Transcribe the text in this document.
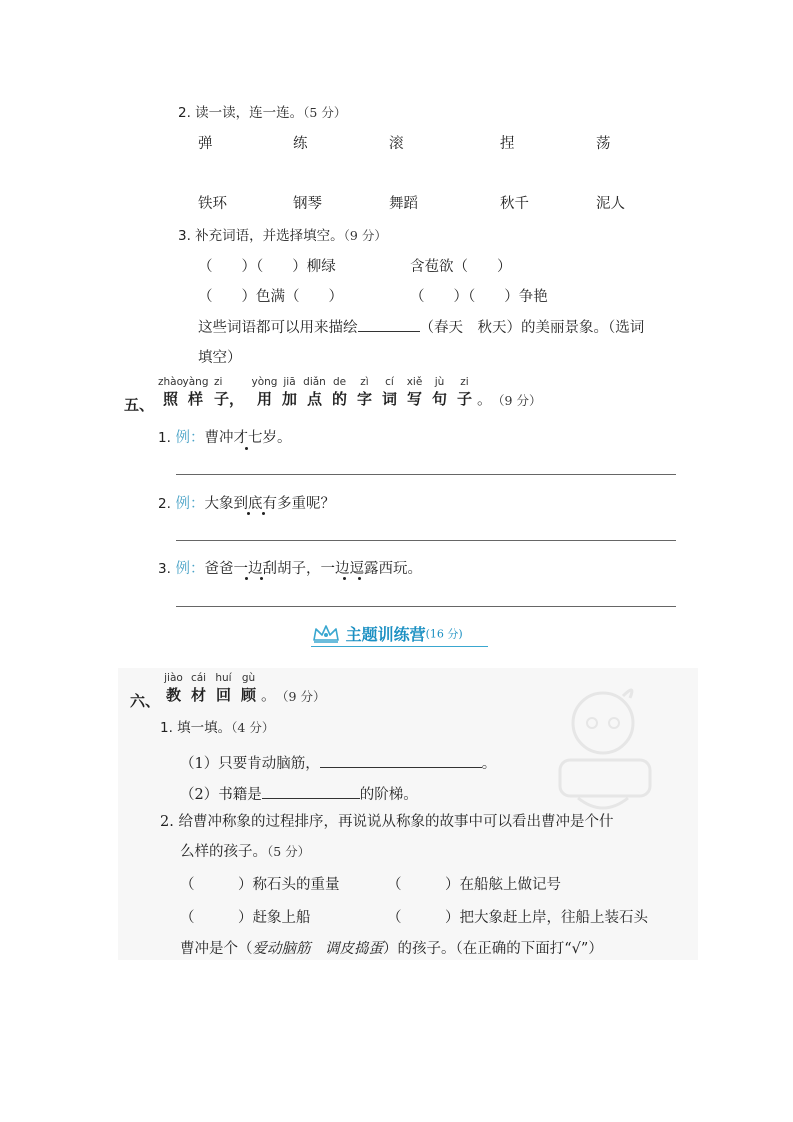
2. 读一读，连一连。（5 分）
弹	练	滚	捏	荡
铁环	钢琴	舞蹈	秋千	泥人
3. 补充词语，并选择填空。（9 分）
（　　）（　　）柳绿	含苞欲（　　）
（　　）色满（　　）	（　　）（　　）争艳
这些词语都可以用来描绘	（春天　秋天）的美丽景象。（选词
填空）
五、
zhào
照
yàng
样
zi
子，
yòng
用
jiā
加
diǎn
点
de
的
zì
字
cí
词
xiě
写
jù
句
zi
子 。 （9 分）
1. 例：曹冲才七岁。
2. 例：大象到底有多重呢？
3. 例：爸爸一边刮胡子，一边逗露西玩。
主题训练营(16 分)
六、
jiào
教
cái
材
huí
回
gù
顾 。 （9 分）
1. 填一填。（4 分）
（1）只要肯动脑筋，	。
（2）书籍是	的阶梯。
2. 给曹冲称象的过程排序，再说说从称象的故事中可以看出曹冲是个什
么样的孩子。（5 分）
（　　　）称石头的重量	（　　　）在船舷上做记号
（　　　）赶象上船	（　　　）把大象赶上岸，往船上装石头
曹冲是个（爱动脑筋　调皮捣蛋）的孩子。（在正确的下面打“√”）
